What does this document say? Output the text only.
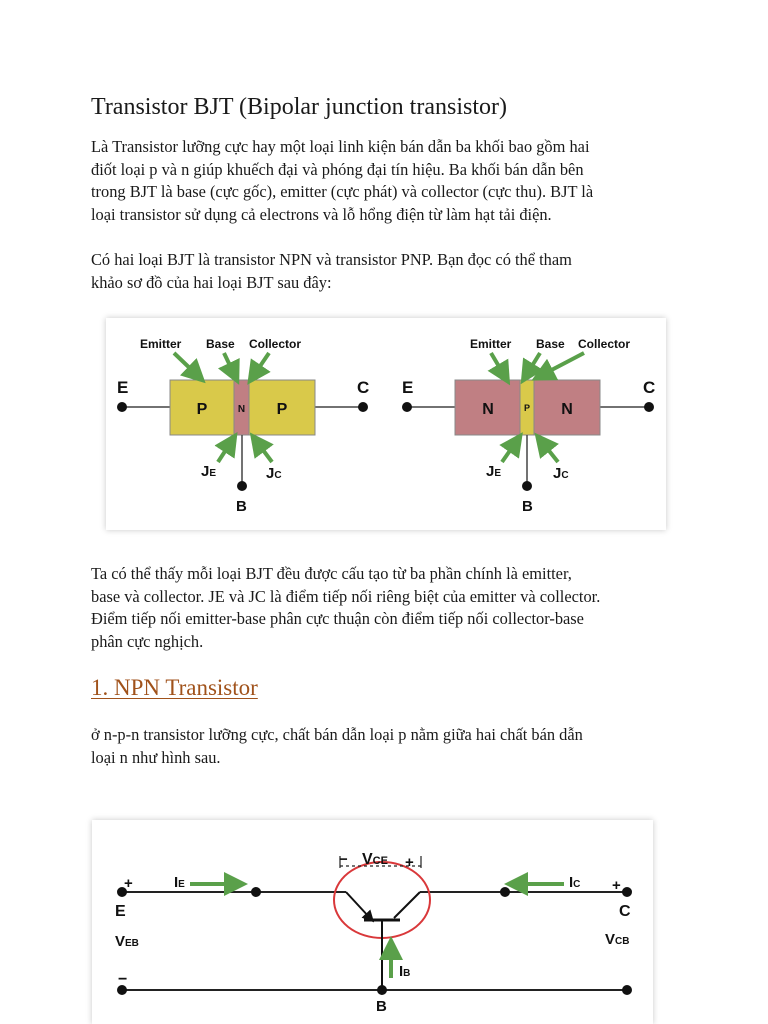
Transistor BJT (Bipolar junction transistor)

Là Transistor lưỡng cực hay một loại linh kiện bán dẫn ba khối bao gồm hai
điốt loại p và n giúp khuếch đại và phóng đại tín hiệu. Ba khối bán dẫn bên
trong BJT là base (cực gốc), emitter (cực phát) và collector (cực thu). BJT là
loại transistor sử dụng cả electrons và lỗ hổng điện từ làm hạt tải điện.

Có hai loại BJT là transistor NPN và transistor PNP. Bạn đọc có thể tham
khảo sơ đồ của hai loại BJT sau đây:

Emitter Base Collector
P	N P
E	C
B
JE	JC
Emitter Base Collector
N	P N
E	C
B
JE	JC

Ta có thể thấy mỗi loại BJT đều được cấu tạo từ ba phần chính là emitter,
base và collector. JE và JC là điểm tiếp nối riêng biệt của emitter và collector.
Điểm tiếp nối emitter-base phân cực thuận còn điểm tiếp nối collector-base
phân cực nghịch.

1. NPN Transistor

ở n-p-n transistor lưỡng cực, chất bán dẫn loại p nằm giữa hai chất bán dẫn
loại n như hình sau.

− VCE +
IE	IC
IB
+	+
E	C
B
VEB	VCB
−
